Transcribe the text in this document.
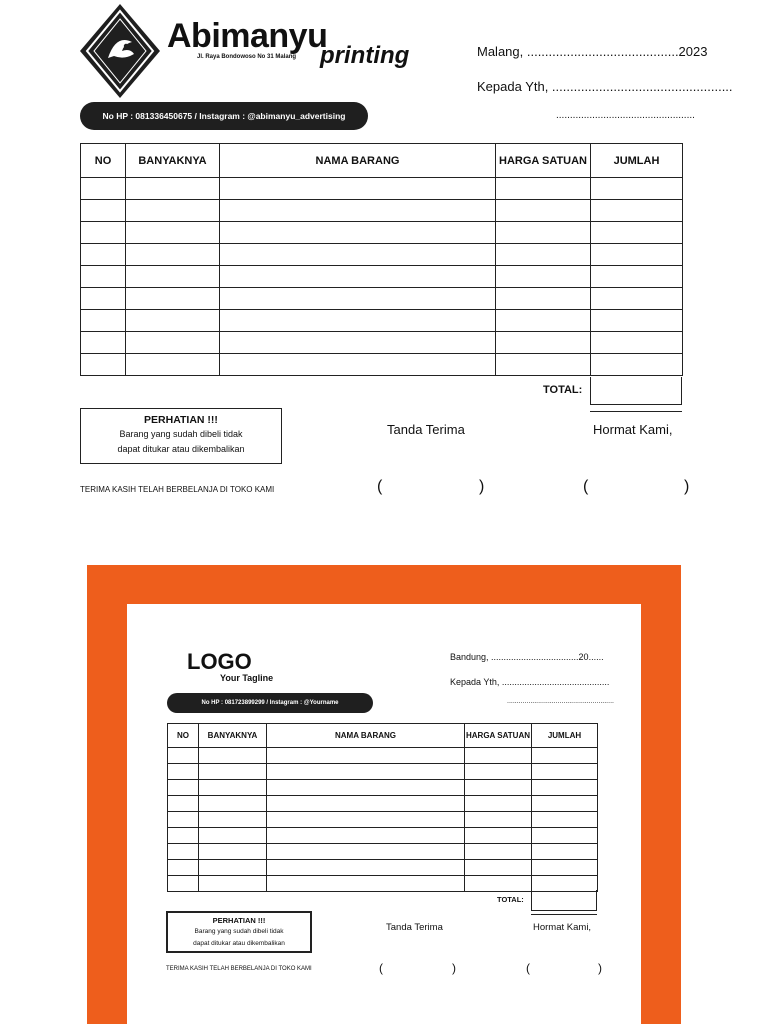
Abimanyu
printing
Jl. Raya Bondowoso No 31 Malang
No HP : 081336450675 / Instagram : @abimanyu_advertising
Malang, ..........................................2023
Kepada Yth, ..................................................
..................................................
NO	BANYAKNYA	NAMA BARANG	HARGA SATUAN	JUMLAH

TOTAL:
PERHATIAN !!!
Barang yang sudah dibeli tidak
dapat ditukar atau dikembalikan
Tanda Terima	Hormat Kami,
TERIMA KASIH TELAH BERBELANJA DI TOKO KAMI	(	)	(	)
LOGO
Your Tagline
No HP : 081723899299 / Instagram : @Yourname
Bandung, ...................................20......
Kepada Yth, ...........................................
.......................................................
NO	BANYAKNYA	NAMA BARANG	HARGA SATUAN	JUMLAH

TOTAL:
PERHATIAN !!!
Barang yang sudah dibeli tidak
dapat ditukar atau dikembalikan
Tanda Terima	Hormat Kami,
TERIMA KASIH TELAH BERBELANJA DI TOKO KAMI	(	)	(	)
